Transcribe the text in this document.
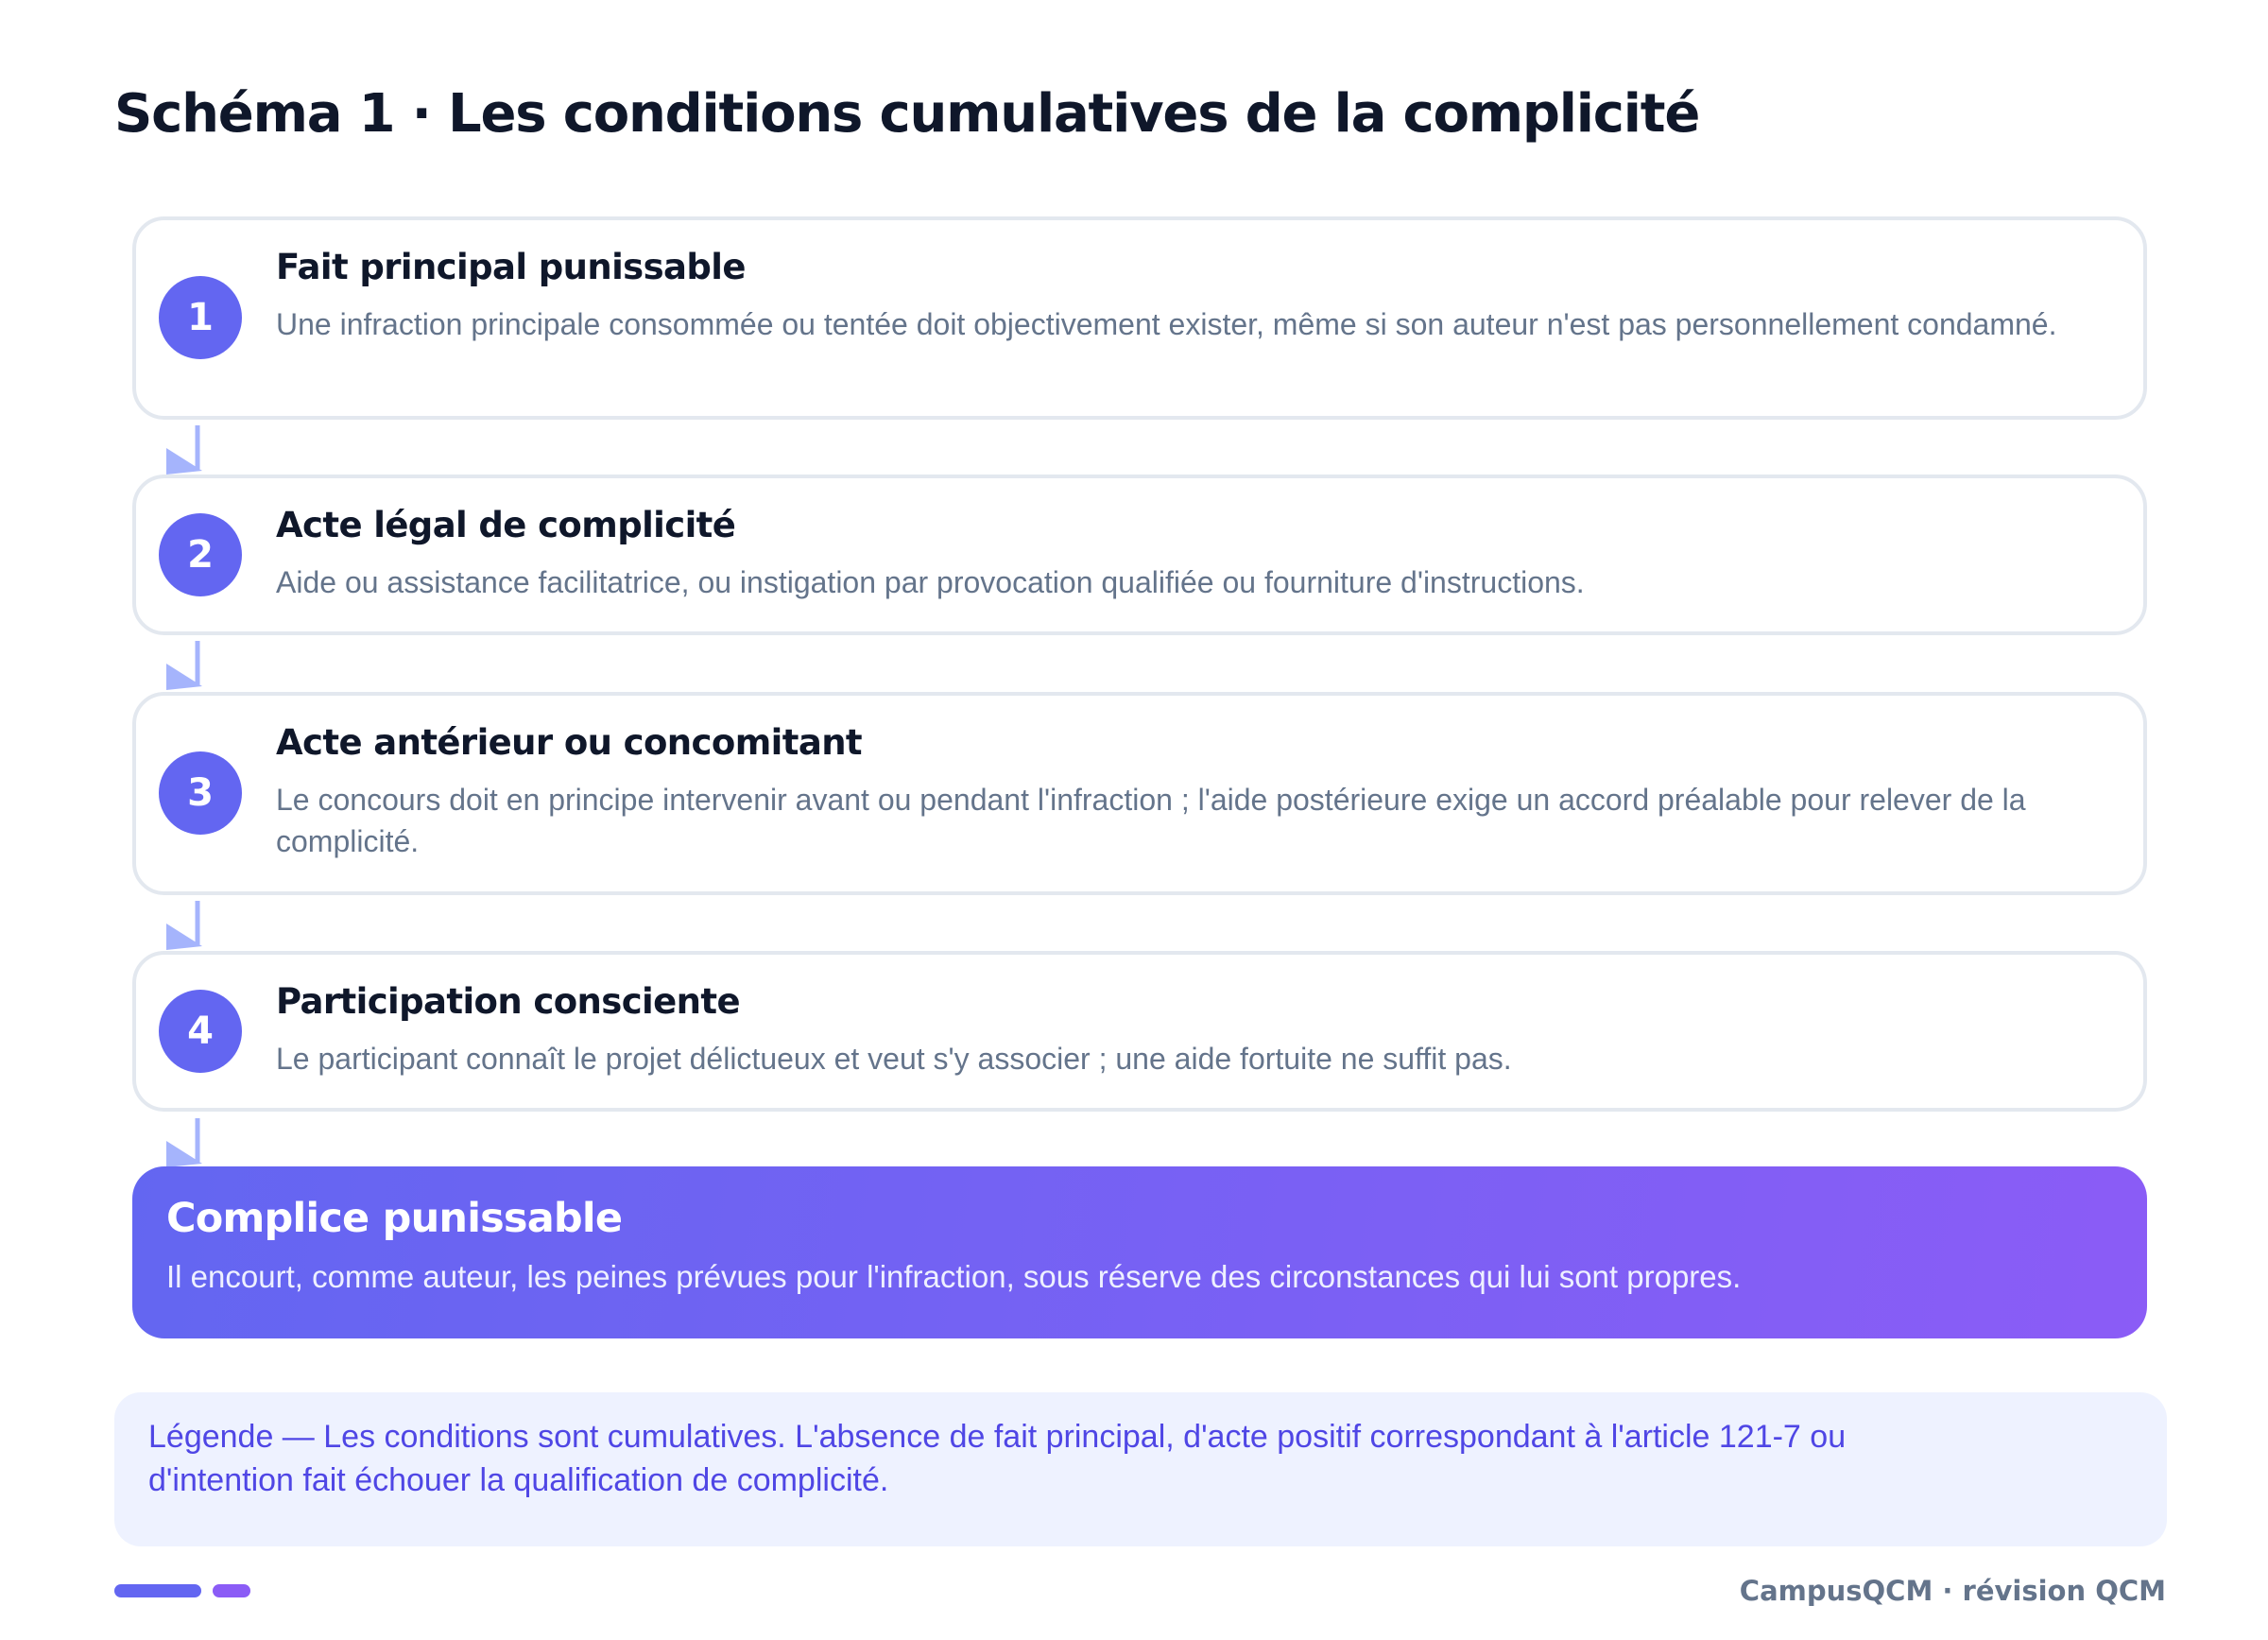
Schéma 1 · Les conditions cumulatives de la complicité
1
Fait principal punissable
Une infraction principale consommée ou tentée doit objectivement exister, même si son auteur n'est pas personnellement condamné.
2
Acte légal de complicité
Aide ou assistance facilitatrice, ou instigation par provocation qualifiée ou fourniture d'instructions.
3
Acte antérieur ou concomitant
Le concours doit en principe intervenir avant ou pendant l'infraction ; l'aide postérieure exige un accord préalable pour relever de la complicité.
4
Participation consciente
Le participant connaît le projet délictueux et veut s'y associer ; une aide fortuite ne suffit pas.
Complice punissable
Il encourt, comme auteur, les peines prévues pour l'infraction, sous réserve des circonstances qui lui sont propres.
Légende — Les conditions sont cumulatives. L'absence de fait principal, d'acte positif correspondant à l'article 121-7 ou d'intention fait échouer la qualification de complicité.
CampusQCM · révision QCM
